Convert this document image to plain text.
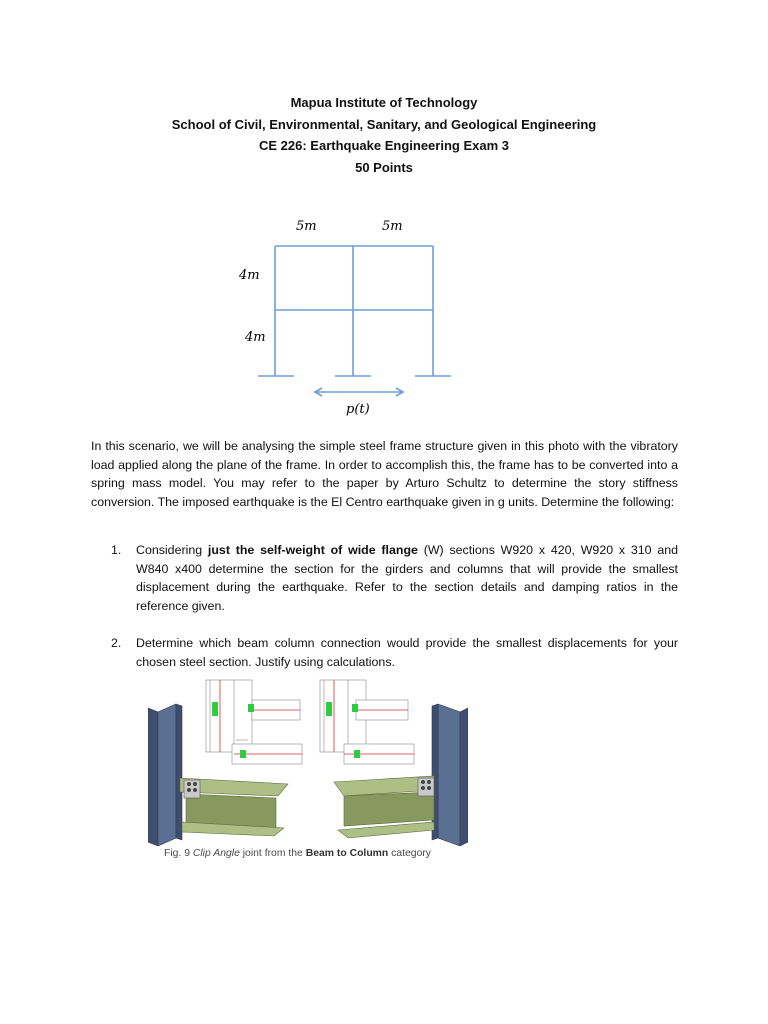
Mapua Institute of Technology
School of Civil, Environmental, Sanitary, and Geological Engineering
CE 226: Earthquake Engineering Exam 3
50 Points
5m	5m
4m
4m
p(t)
In this scenario, we will be analysing the simple steel frame structure given in this photo with the vibratory load applied along the plane of the frame. In order to accomplish this, the frame has to be converted into a spring mass model. You may refer to the paper by Arturo Schultz to determine the story stiffness conversion. The imposed earthquake is the El Centro earthquake given in g units. Determine the following:
1. Considering just the self-weight of wide flange (W) sections W920 x 420, W920 x 310 and W840 x400 determine the section for the girders and columns that will provide the smallest displacement during the earthquake. Refer to the section details and damping ratios in the reference given.
2. Determine which beam column connection would provide the smallest displacements for your chosen steel section. Justify using calculations.
Fig. 9 Clip Angle joint from the Beam to Column category
